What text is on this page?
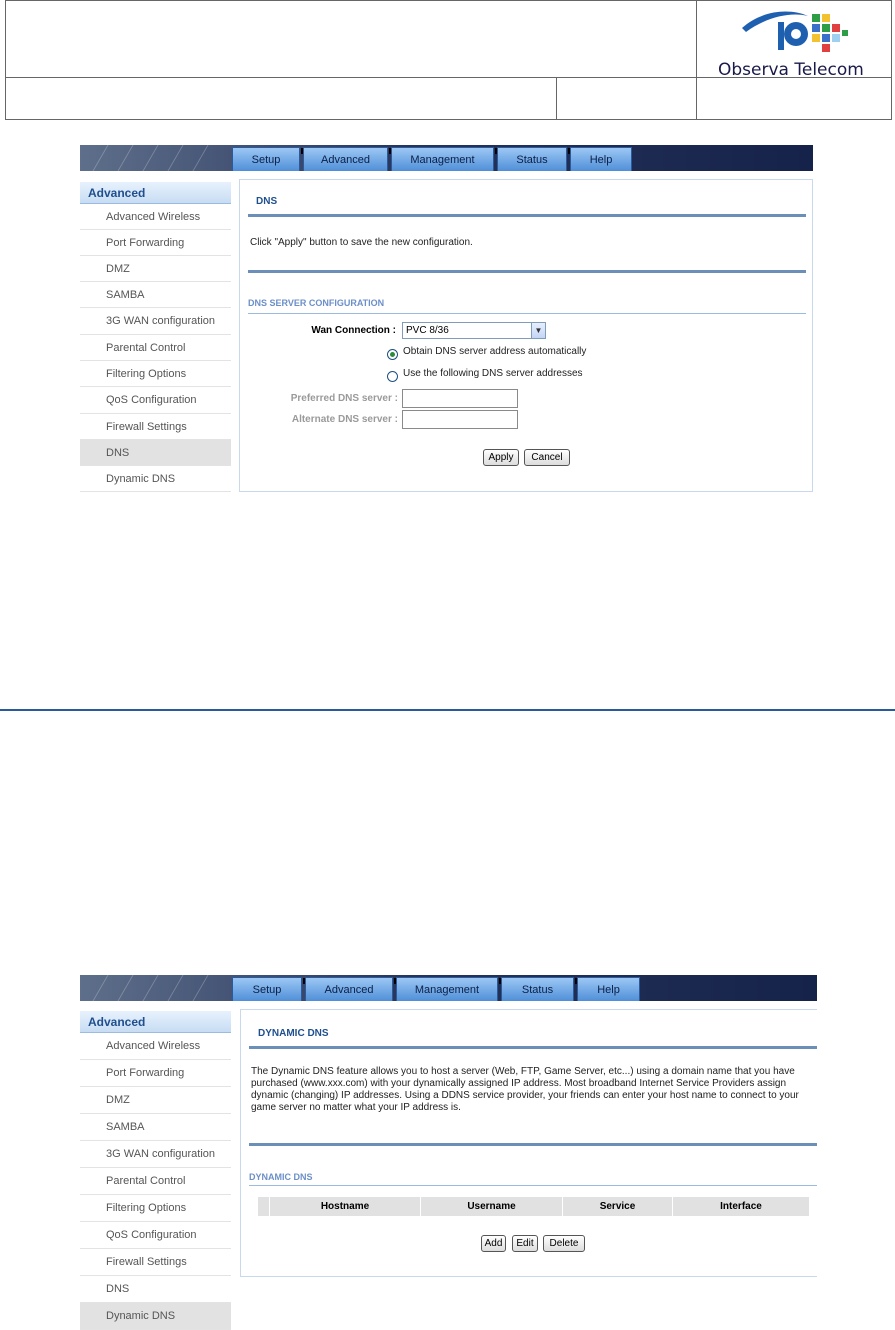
Observa Telecom
Setup	Advanced	Management	Status	Help
Advanced
Advanced Wireless
Port Forwarding
DMZ
SAMBA
3G WAN configuration
Parental Control
Filtering Options
QoS Configuration
Firewall Settings
DNS
Dynamic DNS
DNS
Click "Apply" button to save the new configuration.
DNS SERVER CONFIGURATION
Wan Connection : PVC 8/36	▼
Obtain DNS server address automatically
Use the following DNS server addresses
Preferred DNS server :
Alternate DNS server :
Apply	Cancel
Setup	Advanced	Management	Status	Help
Advanced
Advanced Wireless
Port Forwarding
DMZ
SAMBA
3G WAN configuration
Parental Control
Filtering Options
QoS Configuration
Firewall Settings
DNS
Dynamic DNS
DYNAMIC DNS
The Dynamic DNS feature allows you to host a server (Web, FTP, Game Server, etc...) using a domain name that you have
purchased (www.xxx.com) with your dynamically assigned IP address. Most broadband Internet Service Providers assign
dynamic (changing) IP addresses. Using a DDNS service provider, your friends can enter your host name to connect to your
game server no matter what your IP address is.
DYNAMIC DNS
Hostname	Username	Service	Interface
Add	Edit	Delete
